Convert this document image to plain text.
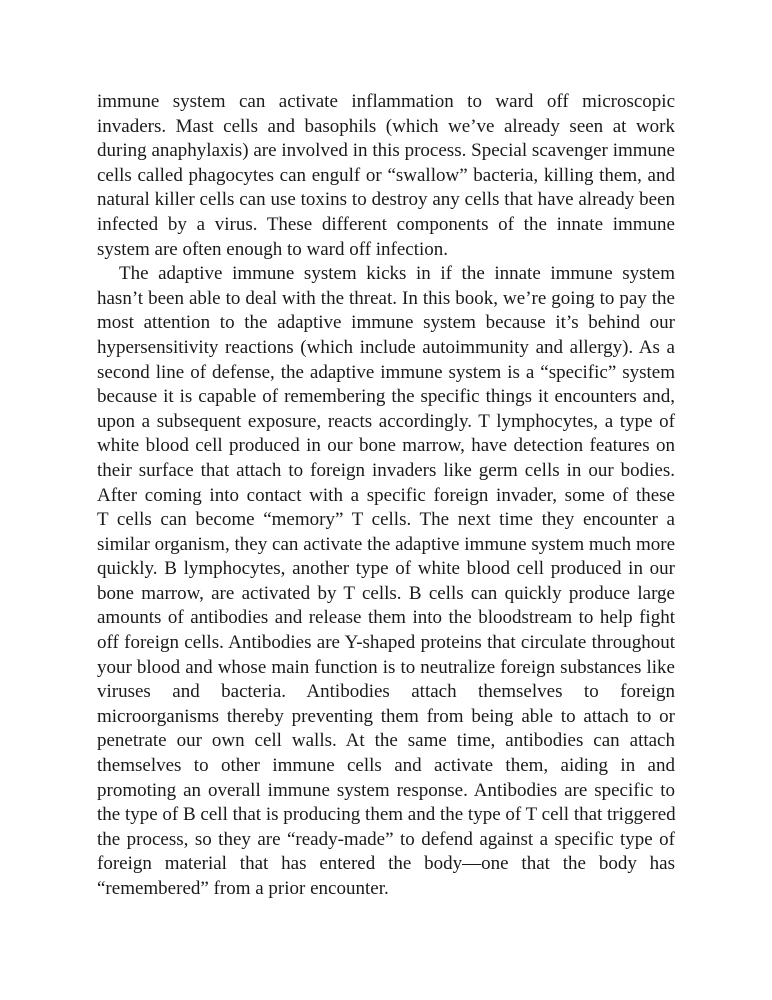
immune system can activate inflammation to ward off microscopic
invaders. Mast cells and basophils (which we’ve already seen at work
during anaphylaxis) are involved in this process. Special scavenger immune
cells called phagocytes can engulf or “swallow” bacteria, killing them, and
natural killer cells can use toxins to destroy any cells that have already been
infected by a virus. These different components of the innate immune
system are often enough to ward off infection.
The adaptive immune system kicks in if the innate immune system
hasn’t been able to deal with the threat. In this book, we’re going to pay the
most attention to the adaptive immune system because it’s behind our
hypersensitivity reactions (which include autoimmunity and allergy). As a
second line of defense, the adaptive immune system is a “specific” system
because it is capable of remembering the specific things it encounters and,
upon a subsequent exposure, reacts accordingly. T lymphocytes, a type of
white blood cell produced in our bone marrow, have detection features on
their surface that attach to foreign invaders like germ cells in our bodies.
After coming into contact with a specific foreign invader, some of these
T cells can become “memory” T cells. The next time they encounter a
similar organism, they can activate the adaptive immune system much more
quickly. B lymphocytes, another type of white blood cell produced in our
bone marrow, are activated by T cells. B cells can quickly produce large
amounts of antibodies and release them into the bloodstream to help fight
off foreign cells. Antibodies are Y-shaped proteins that circulate throughout
your blood and whose main function is to neutralize foreign substances like
viruses and bacteria. Antibodies attach themselves to foreign
microorganisms thereby preventing them from being able to attach to or
penetrate our own cell walls. At the same time, antibodies can attach
themselves to other immune cells and activate them, aiding in and
promoting an overall immune system response. Antibodies are specific to
the type of B cell that is producing them and the type of T cell that triggered
the process, so they are “ready-made” to defend against a specific type of
foreign material that has entered the body—one that the body has
“remembered” from a prior encounter.
